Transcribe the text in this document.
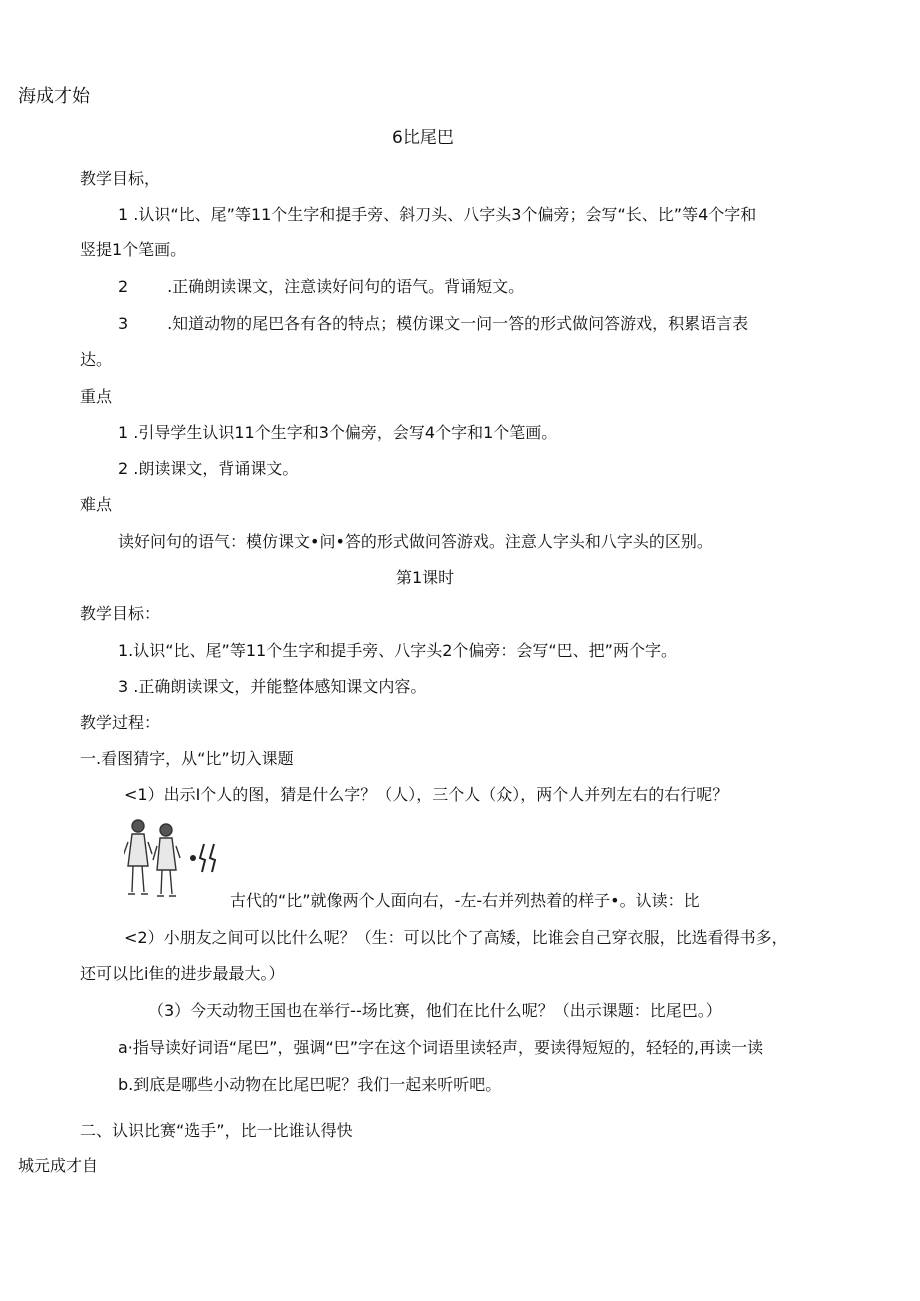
海成才始

6比尾巴

教学目标，

1 .认识“比、尾”等11个生字和提手旁、斜刀头、八字头3个偏旁；会写“长、比”等4个字和

竖提1个笔画。

2 .正确朗读课文，注意读好问句的语气。背诵短文。

3 .知道动物的尾巴各有各的特点；模仿课文一问一答的形式做问答游戏，积累语言表

达。

重点

1 .引导学生认识11个生字和3个偏旁，会写4个字和1个笔画。

2 .朗读课文，背诵课文。

难点

读好问句的语气：模仿课文•问•答的形式做问答游戏。注意人字头和八字头的区别。

第1课时

教学目标：

1.认识“比、尾”等11个生字和提手旁、八字头2个偏旁：会写“巴、把”两个字。

3 .正确朗读课文，并能整体感知课文内容。

教学过程：

一.看图猜字，从“比”切入课题

<1）出示I个人的图，猜是什么字？（人），三个人（众），两个人并列左右的右行呢？

古代的“比”就像两个人面向右，-左-右并列热着的样子•。认读：比

<2）小朋友之间可以比什么呢？（生：可以比个了高矮，比谁会自己穿衣服，比选看得书多，

还可以比i隹的进步最最大。）

（3）今天动物王国也在举行--场比赛，他们在比什么呢？（出示课题：比尾巴。）

a·指导读好词语“尾巴”，强调“巴”字在这个词语里读轻声，要读得短短的，轻轻的,再读一读

b.到底是哪些小动物在比尾巴呢？我们一起来听听吧。

二、认识比赛“选手”，比一比谁认得快

城元成才自
